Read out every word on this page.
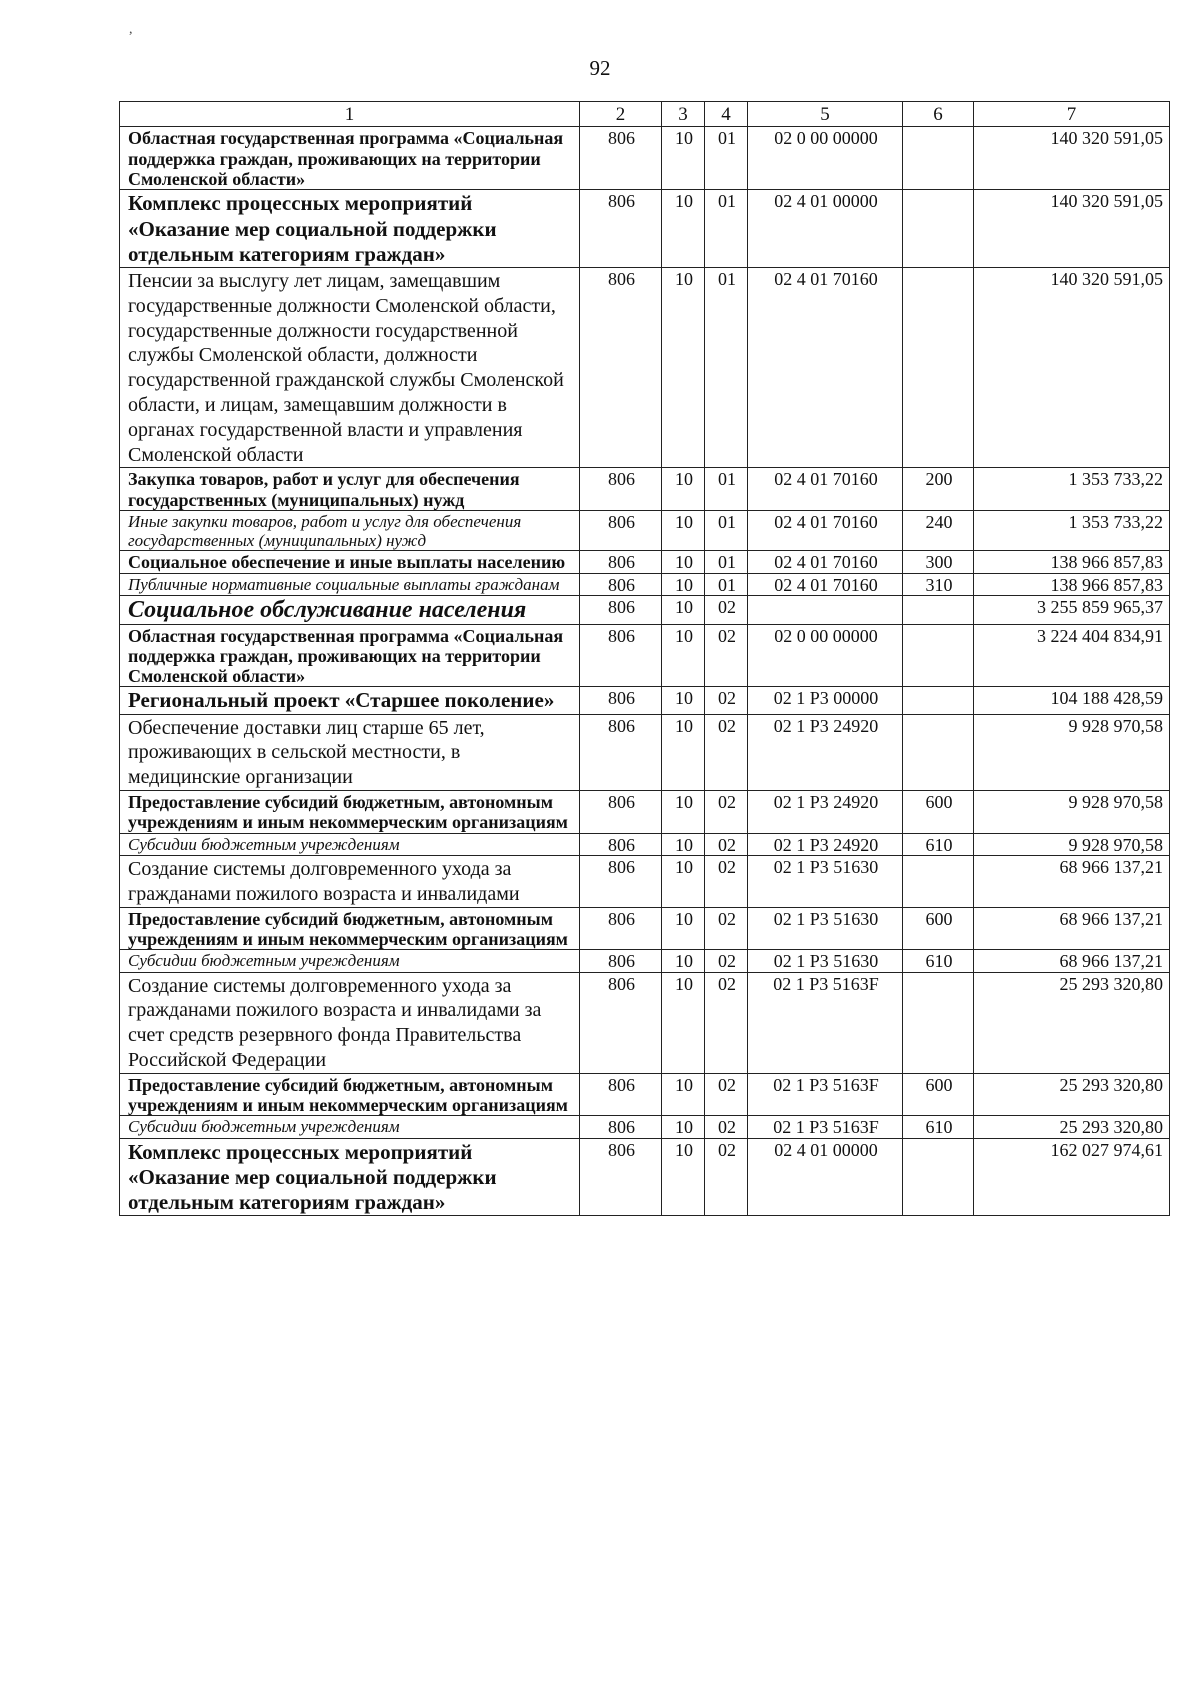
,
92
1	2	3	4	5	6	7
Областная государственная программа «Социальная поддержка граждан, проживающих на территории Смоленской области»	806	10	01	02 0 00 00000		140 320 591,05
Комплекс процессных мероприятий «Оказание мер социальной поддержки отдельным категориям граждан»	806	10	01	02 4 01 00000		140 320 591,05
Пенсии за выслугу лет лицам, замещавшим государственные должности Смоленской области, государственные должности государственной службы Смоленской области, должности государственной гражданской службы Смоленской области, и лицам, замещавшим должности в органах государственной власти и управления Смоленской области	806	10	01	02 4 01 70160		140 320 591,05
Закупка товаров, работ и услуг для обеспечения государственных (муниципальных) нужд	806	10	01	02 4 01 70160	200	1 353 733,22
Иные закупки товаров, работ и услуг для обеспечения государственных (муниципальных) нужд	806	10	01	02 4 01 70160	240	1 353 733,22
Социальное обеспечение и иные выплаты населению	806	10	01	02 4 01 70160	300	138 966 857,83
Публичные нормативные социальные выплаты гражданам	806	10	01	02 4 01 70160	310	138 966 857,83
Социальное обслуживание населения	806	10	02			3 255 859 965,37
Областная государственная программа «Социальная поддержка граждан, проживающих на территории Смоленской области»	806	10	02	02 0 00 00000		3 224 404 834,91
Региональный проект «Старшее поколение»	806	10	02	02 1 P3 00000		104 188 428,59
Обеспечение доставки лиц старше 65 лет, проживающих в сельской местности, в медицинские организации	806	10	02	02 1 P3 24920		9 928 970,58
Предоставление субсидий бюджетным, автономным учреждениям и иным некоммерческим организациям	806	10	02	02 1 P3 24920	600	9 928 970,58
Субсидии бюджетным учреждениям	806	10	02	02 1 P3 24920	610	9 928 970,58
Создание системы долговременного ухода за гражданами пожилого возраста и инвалидами	806	10	02	02 1 P3 51630		68 966 137,21
Предоставление субсидий бюджетным, автономным учреждениям и иным некоммерческим организациям	806	10	02	02 1 P3 51630	600	68 966 137,21
Субсидии бюджетным учреждениям	806	10	02	02 1 P3 51630	610	68 966 137,21
Создание системы долговременного ухода за гражданами пожилого возраста и инвалидами за счет средств резервного фонда Правительства Российской Федерации	806	10	02	02 1 P3 5163F		25 293 320,80
Предоставление субсидий бюджетным, автономным учреждениям и иным некоммерческим организациям	806	10	02	02 1 P3 5163F	600	25 293 320,80
Субсидии бюджетным учреждениям	806	10	02	02 1 P3 5163F	610	25 293 320,80
Комплекс процессных мероприятий «Оказание мер социальной поддержки отдельным категориям граждан»	806	10	02	02 4 01 00000		162 027 974,61
